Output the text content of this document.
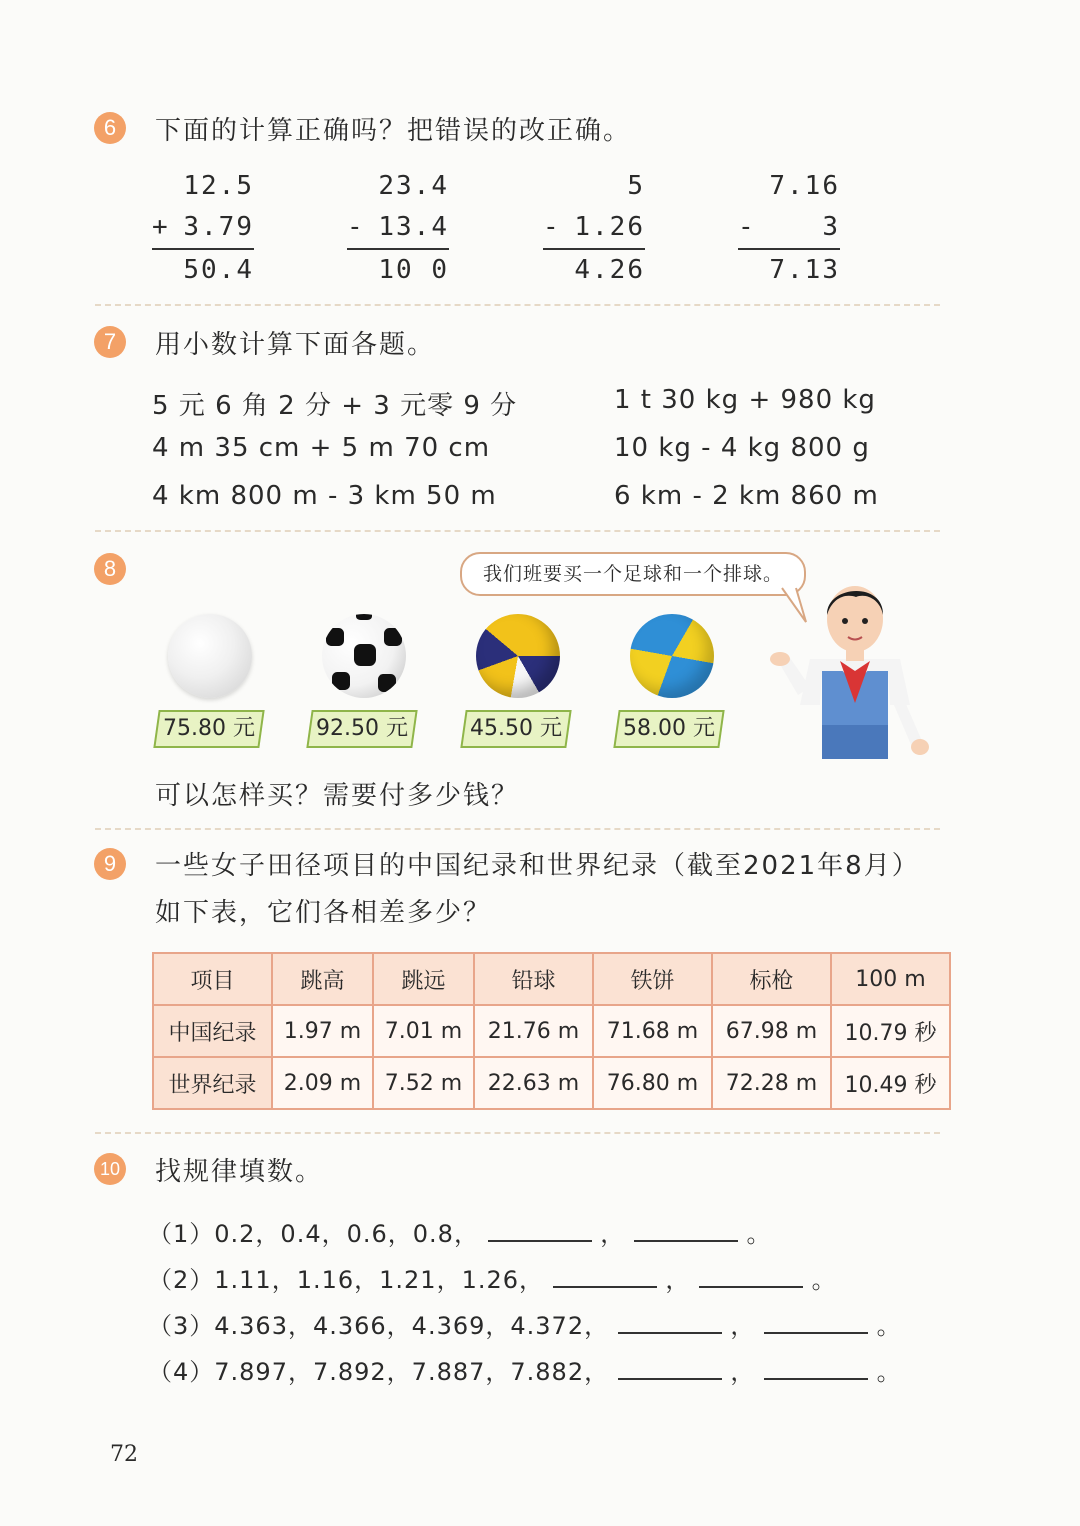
6	下面的计算正确吗？把错误的改正确。
12.5
+ 3.79
50.4
23.4
- 13.4
10 0
5
- 1.26
4.26
7.16
-	3
7.13
7	用小数计算下面各题。
5 元 6 角 2 分 + 3 元零 9 分
4 m 35 cm + 5 m 70 cm
4 km 800 m - 3 km 50 m
1 t 30 kg + 980 kg
10 kg - 4 kg 800 g
6 km - 2 km 860 m
8	我们班要买一个足球和一个排球。
75.80 元	92.50 元	45.50 元	58.00 元
可以怎样买？需要付多少钱？
9	一些女子田径项目的中国纪录和世界纪录（截至2021年8月）
如下表，它们各相差多少？
项目	跳高	跳远	铅球	铁饼	标枪	100 m
中国纪录	1.97 m	7.01 m	21.76 m	71.68 m	67.98 m	10.79 秒
世界纪录	2.09 m	7.52 m	22.63 m	76.80 m	72.28 m	10.49 秒
10 找规律填数。
（1）0.2，0.4，0.6，0.8，	，	。
（2）1.11，1.16，1.21，1.26，	，	。
（3）4.363，4.366，4.369，4.372，	，	。
（4）7.897，7.892，7.887，7.882，	，	。
72
